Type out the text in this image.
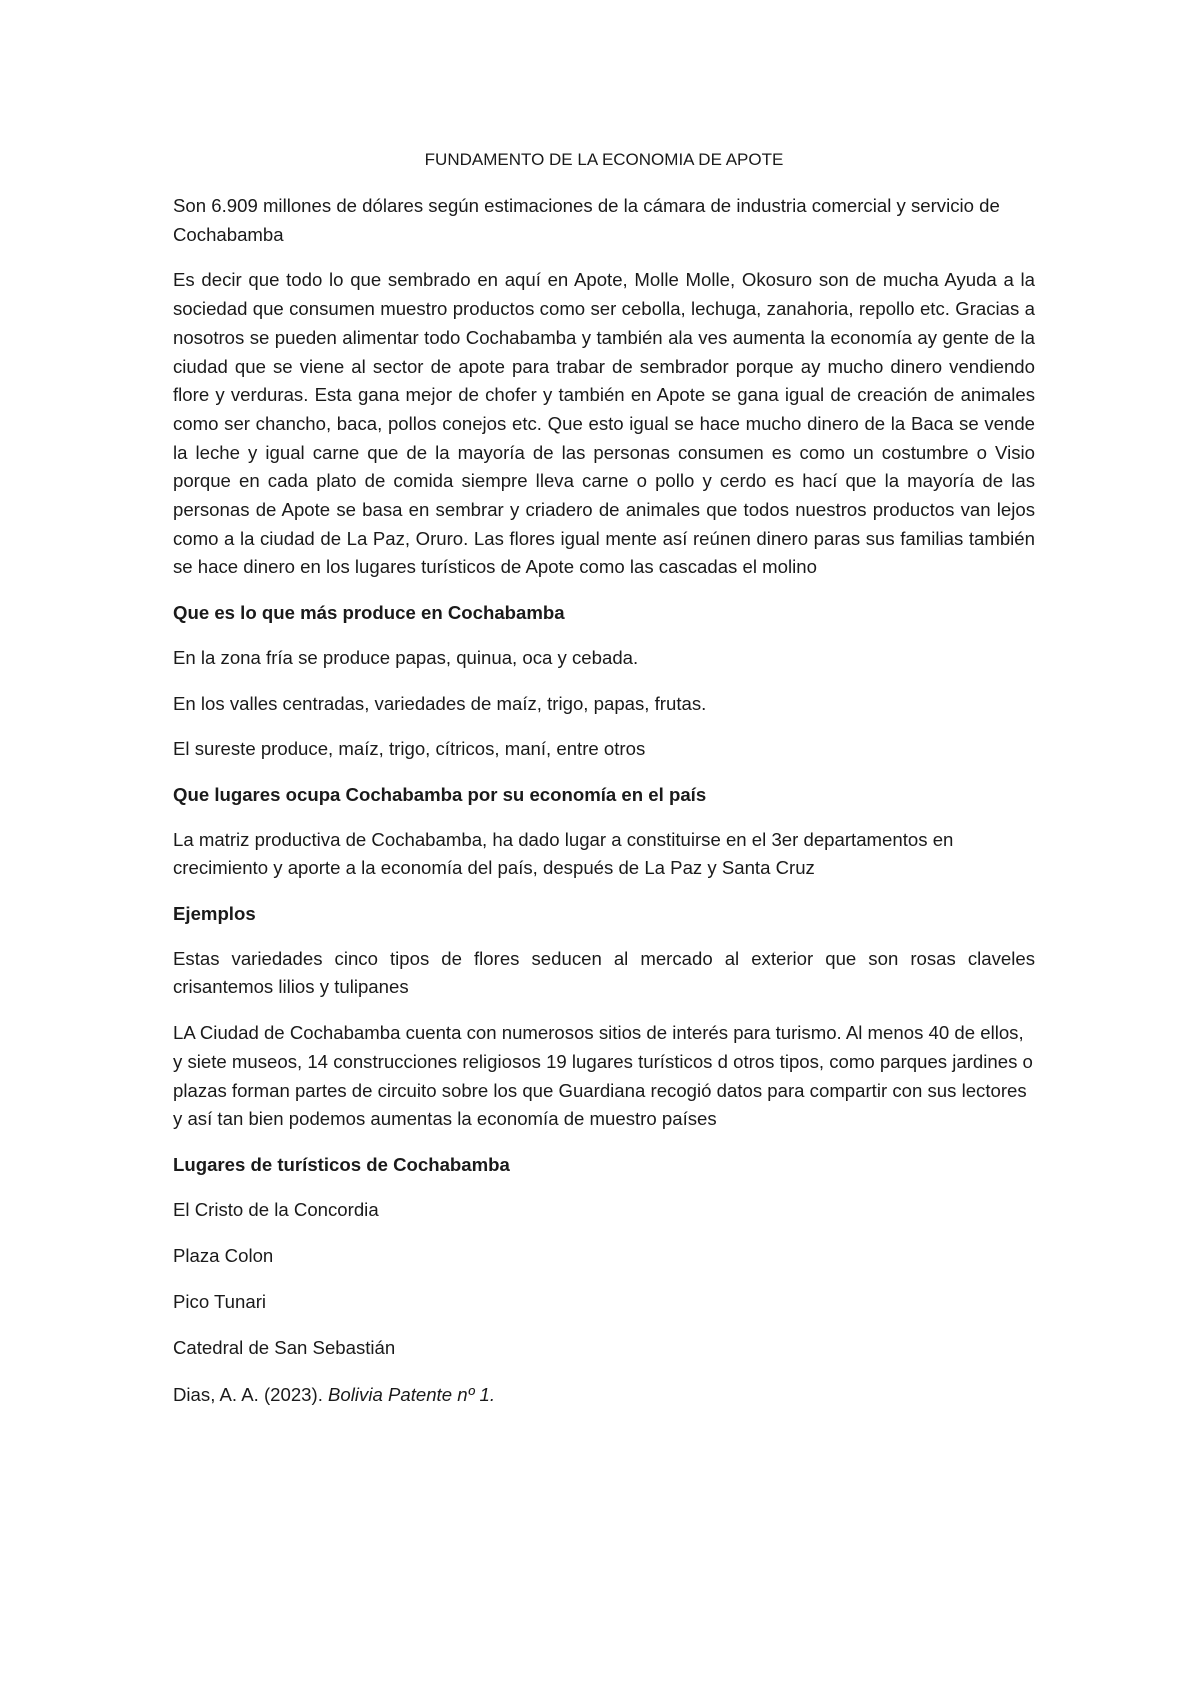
FUNDAMENTO DE LA ECONOMIA DE APOTE

Son 6.909 millones de dólares según estimaciones de la cámara de industria comercial y servicio de Cochabamba

Es decir que todo lo que sembrado en aquí en Apote, Molle Molle, Okosuro son de mucha Ayuda a la sociedad que consumen muestro productos como ser cebolla, lechuga, zanahoria, repollo etc. Gracias a nosotros se pueden alimentar todo Cochabamba y también ala ves aumenta la economía ay gente de la ciudad que se viene al sector de apote para trabar de sembrador porque ay mucho dinero vendiendo flore y verduras. Esta gana mejor de chofer y también en Apote se gana igual de creación de animales como ser chancho, baca, pollos conejos etc. Que esto igual se hace mucho dinero de la Baca se vende la leche y igual carne que de la mayoría de las personas consumen es como un costumbre o Visio porque en cada plato de comida siempre lleva carne o pollo y cerdo es hací que la mayoría de las personas de Apote se basa en sembrar y criadero de animales que todos nuestros productos van lejos como a la ciudad de La Paz, Oruro. Las flores igual mente así reúnen dinero paras sus familias también se hace dinero en los lugares turísticos de Apote como las cascadas el molino

Que es lo que más produce en Cochabamba

En la zona fría se produce papas, quinua, oca y cebada.

En los valles centradas, variedades de maíz, trigo, papas, frutas.

El sureste produce, maíz, trigo, cítricos, maní, entre otros

Que lugares ocupa Cochabamba por su economía en el país

La matriz productiva de Cochabamba, ha dado lugar a constituirse en el 3er departamentos en crecimiento y aporte a la economía del país, después de La Paz y Santa Cruz

Ejemplos

Estas variedades cinco tipos de flores seducen al mercado al exterior que son rosas claveles crisantemos lilios y tulipanes

LA Ciudad de Cochabamba cuenta con numerosos sitios de interés para turismo. Al menos 40 de ellos, y siete museos, 14 construcciones religiosos 19 lugares turísticos d otros tipos, como parques jardines o plazas forman partes de circuito sobre los que Guardiana recogió datos para compartir con sus lectores y así tan bien podemos aumentas la economía de muestro países

Lugares de turísticos de Cochabamba

El Cristo de la Concordia

Plaza Colon

Pico Tunari

Catedral de San Sebastián

Dias, A. A. (2023). Bolivia Patente nº 1.
